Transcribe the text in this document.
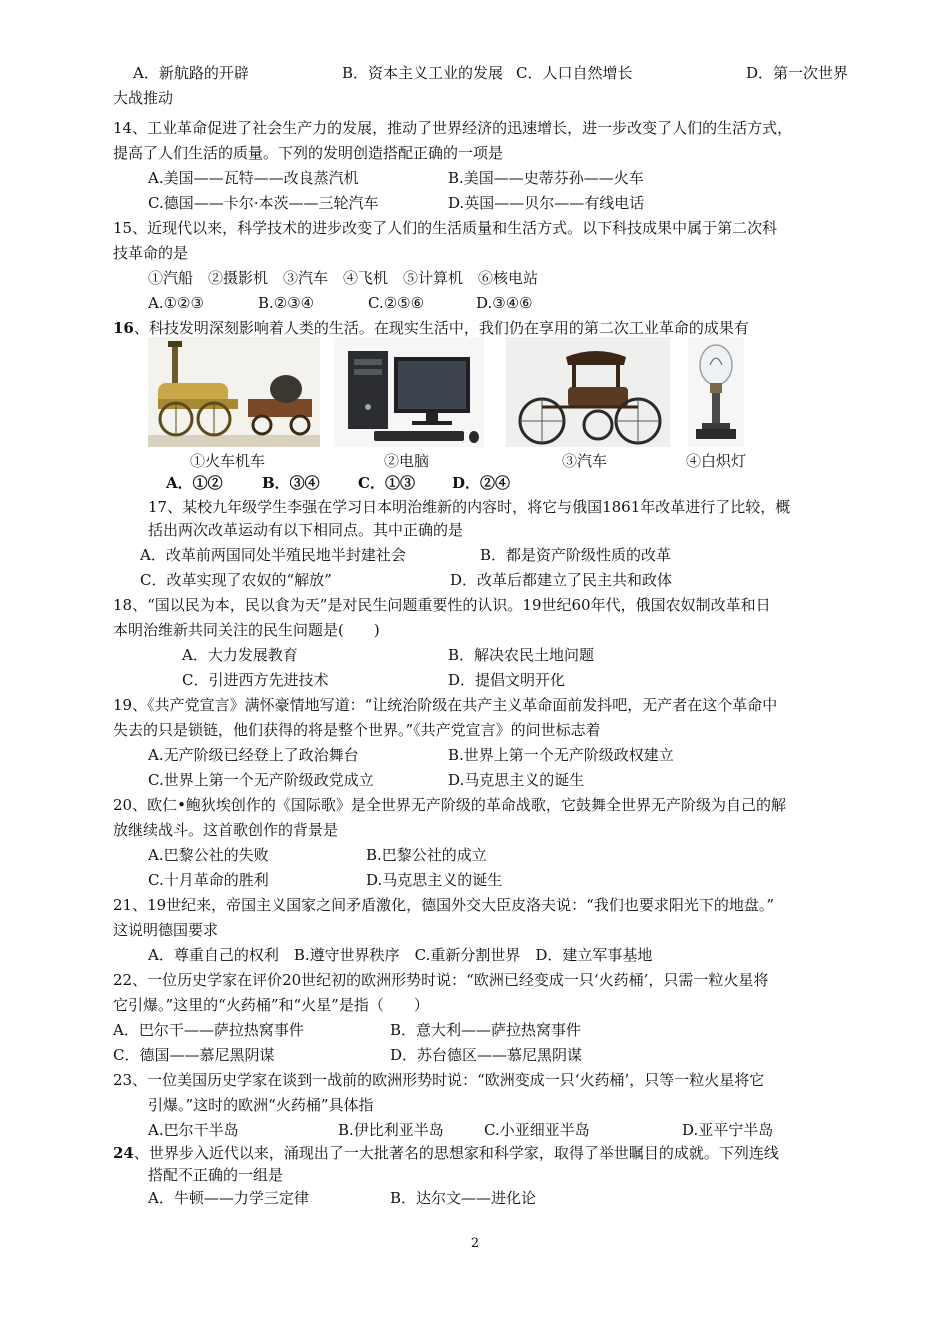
A．新航路的开辟	B．资本主义工业的发展 C．人口自然增长	D．第一次世界
大战推动
14、工业革命促进了社会生产力的发展，推动了世界经济的迅速增长，进一步改变了人们的生活方式，
提高了人们生活的质量。下列的发明创造搭配正确的一项是
A.美国——瓦特——改良蒸汽机	B.美国——史蒂芬孙——火车
C.德国——卡尔·本茨——三轮汽车	D.英国——贝尔——有线电话
15、近现代以来，科学技术的进步改变了人们的生活质量和生活方式。以下科技成果中属于第二次科
技革命的是
①汽船　②摄影机　③汽车　④飞机　⑤计算机　⑥核电站
A.①②③	B.②③④	C.②⑤⑥	D.③④⑥
16、科技发明深刻影响着人类的生活。在现实生活中，我们仍在享用的第二次工业革命的成果有
①火车机车	②电脑	③汽车	④白炽灯
A．①②	B．③④	C．①③ D．②④
17、某校九年级学生李强在学习日本明治维新的内容时，将它与俄国1861年改革进行了比较，概
括出两次改革运动有以下相同点。其中正确的是
A．改革前两国同处半殖民地半封建社会	B．都是资产阶级性质的改革
C．改革实现了农奴的“解放”	D．改革后都建立了民主共和政体
18、“国以民为本，民以食为天”是对民生问题重要性的认识。19世纪60年代，俄国农奴制改革和日
本明治维新共同关注的民生问题是(　　)
A．大力发展教育	B．解决农民土地问题
C．引进西方先进技术	D．提倡文明开化
19、《共产党宣言》满怀豪情地写道：“让统治阶级在共产主义革命面前发抖吧，无产者在这个革命中
失去的只是锁链，他们获得的将是整个世界。”《共产党宣言》的问世标志着
A.无产阶级已经登上了政治舞台	B.世界上第一个无产阶级政权建立
C.世界上第一个无产阶级政党成立	D.马克思主义的诞生
20、欧仁•鲍狄埃创作的《国际歌》是全世界无产阶级的革命战歌，它鼓舞全世界无产阶级为自己的解
放继续战斗。这首歌创作的背景是
A.巴黎公社的失败	B.巴黎公社的成立
C.十月革命的胜利	D.马克思主义的诞生
21、19世纪来，帝国主义国家之间矛盾激化，德国外交大臣皮洛夫说：“我们也要求阳光下的地盘。”
这说明德国要求
A．尊重自己的权利　B.遵守世界秩序　C.重新分割世界　D．建立军事基地
22、一位历史学家在评价20世纪初的欧洲形势时说：“欧洲已经变成一只‘火药桶’，只需一粒火星将
它引爆。”这里的“火药桶”和“火星”是指（　　）
A．巴尔干——萨拉热窝事件	B．意大利——萨拉热窝事件
C．德国——慕尼黑阴谋	D．苏台德区——慕尼黑阴谋
23、一位美国历史学家在谈到一战前的欧洲形势时说：“欧洲变成一只‘火药桶’，只等一粒火星将它
引爆。”这时的欧洲“火药桶”具体指
A.巴尔干半岛	B.伊比利亚半岛	C.小亚细亚半岛	D.亚平宁半岛
24、世界步入近代以来，涌现出了一大批著名的思想家和科学家，取得了举世瞩目的成就。下列连线
搭配不正确的一组是
A．牛顿——力学三定律	B．达尔文——进化论
2
